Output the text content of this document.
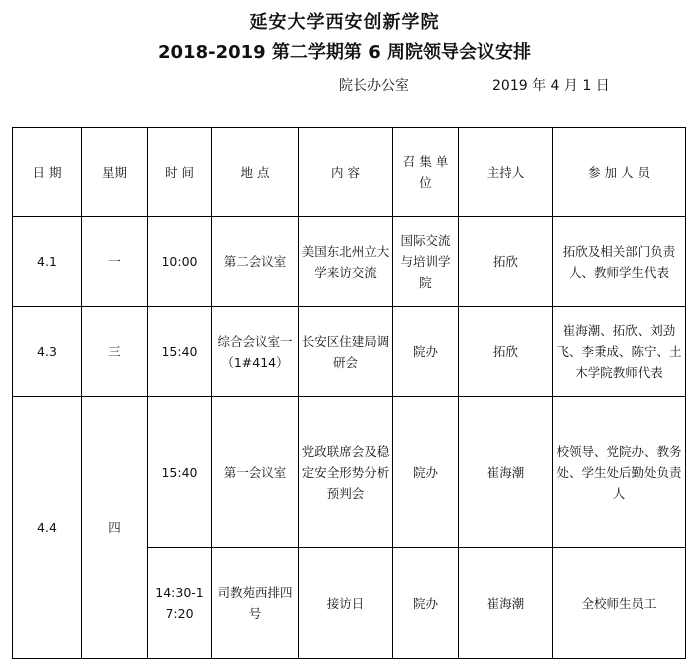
延安大学西安创新学院
2018-2019 第二学期第 6 周院领导会议安排
院长办公室	2019 年 4 月 1 日
日 期	星期	时 间	地 点	内 容	召 集 单 位	主持人	参 加 人 员
4.1	一	10:00	第二会议室	美国东北州立大学来访交流	国际交流与培训学院	拓欣	拓欣及相关部门负责人、教师学生代表
4.3	三	15:40	综合会议室一（1#414）	长安区住建局调研会	院办	拓欣	崔海潮、拓欣、刘劲飞、李秉成、陈宁、土木学院教师代表
4.4	四	15:40	第一会议室	党政联席会及稳定安全形势分析预判会	院办	崔海潮	校领导、党院办、教务处、学生处后勤处负责人
		14:30-17:20	司教苑西排四号	接访日	院办	崔海潮	全校师生员工
